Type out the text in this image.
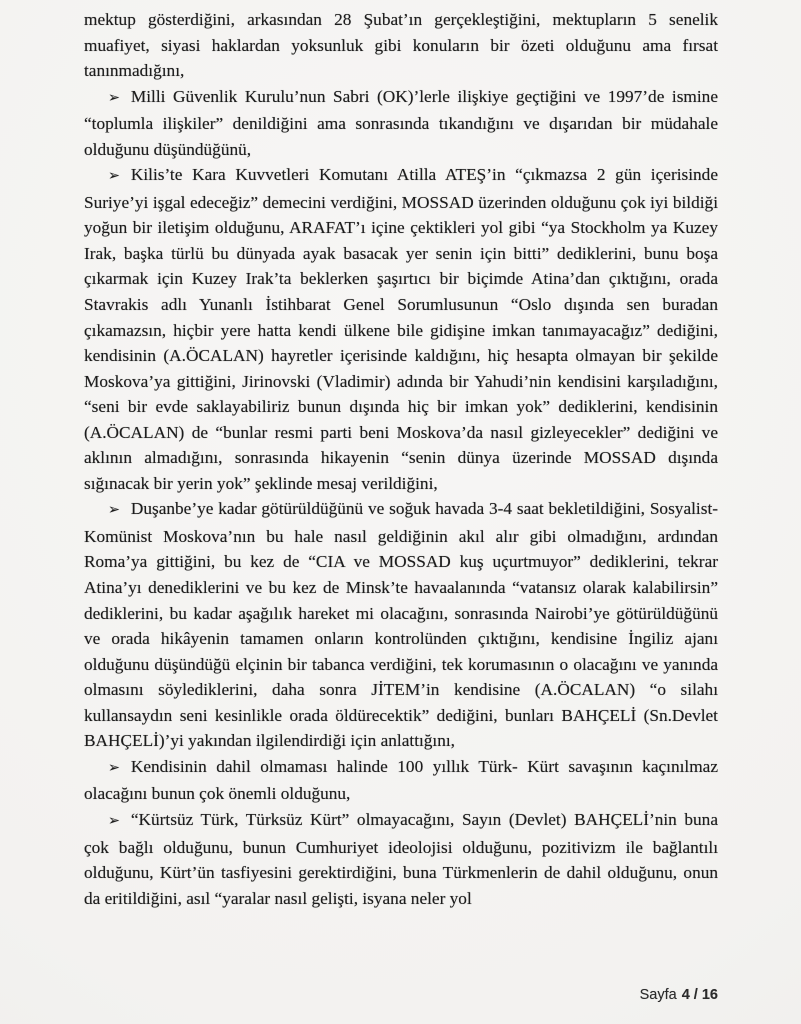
mektup gösterdiğini, arkasından 28 Şubat’ın gerçekleştiğini, mektupların 5 senelik muafiyet, siyasi haklardan yoksunluk gibi konuların bir özeti olduğunu ama fırsat tanınmadığını,

➢ Milli Güvenlik Kurulu’nun Sabri (OK)’lerle ilişkiye geçtiğini ve 1997’de ismine “toplumla ilişkiler” denildiğini ama sonrasında tıkandığını ve dışarıdan bir müdahale olduğunu düşündüğünü,

➢ Kilis’te Kara Kuvvetleri Komutanı Atilla ATEŞ’in “çıkmazsa 2 gün içerisinde Suriye’yi işgal edeceğiz” demecini verdiğini, MOSSAD üzerinden olduğunu çok iyi bildiği yoğun bir iletişim olduğunu, ARAFAT’ı içine çektikleri yol gibi “ya Stockholm ya Kuzey Irak, başka türlü bu dünyada ayak basacak yer senin için bitti” dediklerini, bunu boşa çıkarmak için Kuzey Irak’ta beklerken şaşırtıcı bir biçimde Atina’dan çıktığını, orada Stavrakis adlı Yunanlı İstihbarat Genel Sorumlusunun “Oslo dışında sen buradan çıkamazsın, hiçbir yere hatta kendi ülkene bile gidişine imkan tanımayacağız” dediğini, kendisinin (A.ÖCALAN) hayretler içerisinde kaldığını, hiç hesapta olmayan bir şekilde Moskova’ya gittiğini, Jirinovski (Vladimir) adında bir Yahudi’nin kendisini karşıladığını, “seni bir evde saklayabiliriz bunun dışında hiç bir imkan yok” dediklerini, kendisinin (A.ÖCALAN) de “bunlar resmi parti beni Moskova’da nasıl gizleyecekler” dediğini ve aklının almadığını, sonrasında hikayenin “senin dünya üzerinde MOSSAD dışında sığınacak bir yerin yok” şeklinde mesaj verildiğini,

➢ Duşanbe’ye kadar götürüldüğünü ve soğuk havada 3-4 saat bekletildiğini, Sosyalist-Komünist Moskova’nın bu hale nasıl geldiğinin akıl alır gibi olmadığını, ardından Roma’ya gittiğini, bu kez de “CIA ve MOSSAD kuş uçurtmuyor” dediklerini, tekrar Atina’yı denediklerini ve bu kez de Minsk’te havaalanında “vatansız olarak kalabilirsin” dediklerini, bu kadar aşağılık hareket mi olacağını, sonrasında Nairobi’ye götürüldüğünü ve orada hikâyenin tamamen onların kontrolünden çıktığını, kendisine İngiliz ajanı olduğunu düşündüğü elçinin bir tabanca verdiğini, tek korumasının o olacağını ve yanında olmasını söylediklerini, daha sonra JİTEM’in kendisine (A.ÖCALAN) “o silahı kullansaydın seni kesinlikle orada öldürecektik” dediğini, bunları BAHÇELİ (Sn.Devlet BAHÇELİ)’yi yakından ilgilendirdiği için anlattığını,

➢ Kendisinin dahil olmaması halinde 100 yıllık Türk- Kürt savaşının kaçınılmaz olacağını bunun çok önemli olduğunu,

➢ “Kürtsüz Türk, Türksüz Kürt” olmayacağını, Sayın (Devlet) BAHÇELİ’nin buna çok bağlı olduğunu, bunun Cumhuriyet ideolojisi olduğunu, pozitivizm ile bağlantılı olduğunu, Kürt’ün tasfiyesini gerektirdiğini, buna Türkmenlerin de dahil olduğunu, onun da eritildiğini, asıl “yaralar nasıl gelişti, isyana neler yol

Sayfa 4 / 16
